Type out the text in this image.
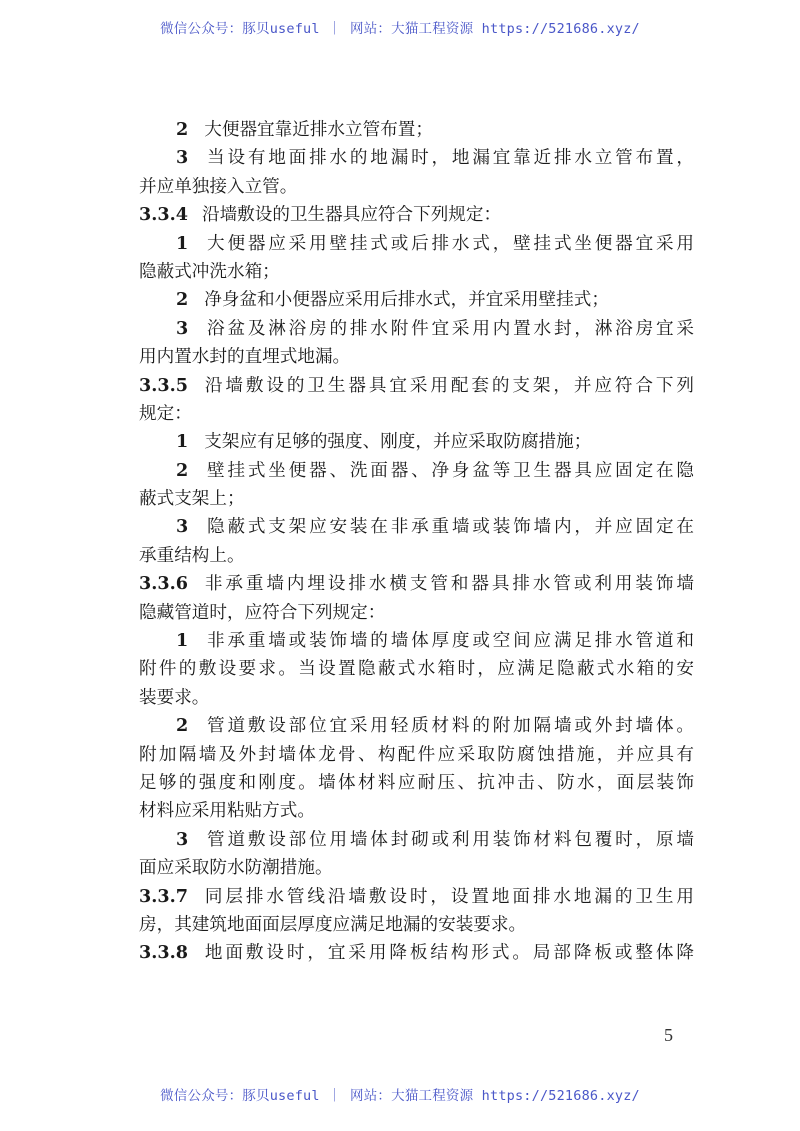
微信公众号：豚贝useful ｜ 网站：大猫工程资源 https://521686.xyz/
2 大便器宜靠近排水立管布置；
3 当设有地面排水的地漏时，地漏宜靠近排水立管布置，
并应单独接入立管。
3.3.4 沿墙敷设的卫生器具应符合下列规定：
1 大便器应采用壁挂式或后排水式，壁挂式坐便器宜采用
隐蔽式冲洗水箱；
2 净身盆和小便器应采用后排水式，并宜采用壁挂式；
3 浴盆及淋浴房的排水附件宜采用内置水封，淋浴房宜采
用内置水封的直埋式地漏。
3.3.5 沿墙敷设的卫生器具宜采用配套的支架，并应符合下列
规定：
1 支架应有足够的强度、刚度，并应采取防腐措施；
2 壁挂式坐便器、洗面器、净身盆等卫生器具应固定在隐
蔽式支架上；
3 隐蔽式支架应安装在非承重墙或装饰墙内，并应固定在
承重结构上。
3.3.6 非承重墙内埋设排水横支管和器具排水管或利用装饰墙
隐藏管道时，应符合下列规定：
1 非承重墙或装饰墙的墙体厚度或空间应满足排水管道和
附件的敷设要求。当设置隐蔽式水箱时，应满足隐蔽式水箱的安
装要求。
2 管道敷设部位宜采用轻质材料的附加隔墙或外封墙体。
附加隔墙及外封墙体龙骨、构配件应采取防腐蚀措施，并应具有
足够的强度和刚度。墙体材料应耐压、抗冲击、防水，面层装饰
材料应采用粘贴方式。
3 管道敷设部位用墙体封砌或利用装饰材料包覆时，原墙
面应采取防水防潮措施。
3.3.7 同层排水管线沿墙敷设时，设置地面排水地漏的卫生用
房，其建筑地面面层厚度应满足地漏的安装要求。
3.3.8 地面敷设时，宜采用降板结构形式。局部降板或整体降
5
微信公众号：豚贝useful ｜ 网站：大猫工程资源 https://521686.xyz/
